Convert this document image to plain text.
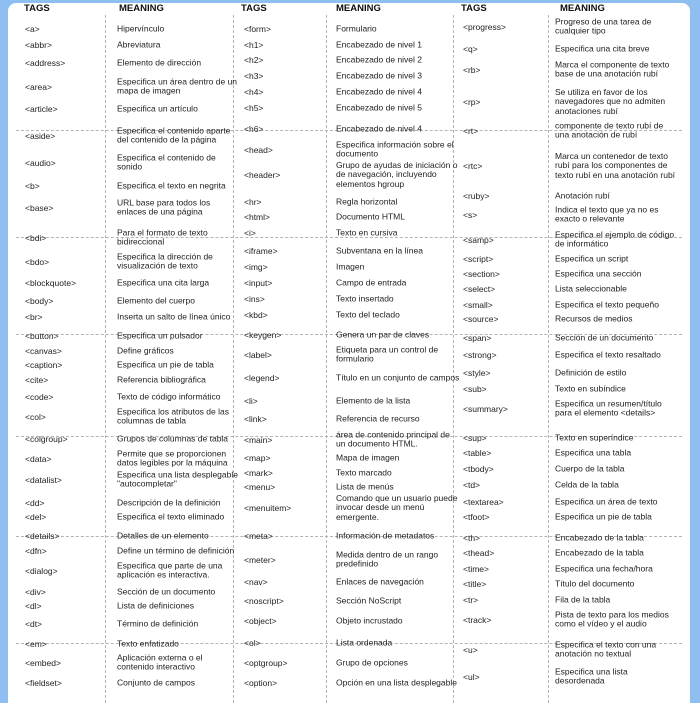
TAGS	MEANING	TAGS	MEANING	TAGS	MEANING
<a>	Hipervínculo
<abbr>	Abreviatura
<address>	Elemento de dirección
<area>
Especifica un área dentro de un mapa de imagen
<article>	Especifica un artículo
<aside>
Especifica el contenido aparte del contenido de la página
<audio>
Especifica el contenido de sonido
<b>	Especifica el texto en negrita
<base>
URL base para todos los enlaces de una página
<bdi>
Para el formato de texto bidireccional
<bdo>
Especifica la dirección de visualización de texto
<blockquote>	Especifica una cita larga
<body>	Elemento del cuerpo
<br>	Inserta un salto de línea único
<button>	Especifica un pulsador
<canvas>	Define gráficos
<caption>	Especifica un pie de tabla
<cite>	Referencia bibliográfica
<code>	Texto de código informático
<col>
Especifica los atributos de las columnas de tabla
<colgroup>	Grupos de columnas de tabla
<data>
Permite que se proporcionen datos legibles por la máquina
<datalist>
Especifica una lista desplegable "autocompletar"
<dd>	Descripción de la definición
<del>	Especifica el texto eliminado
<details>	Detalles de un elemento
<dfn>	Define un término de definición
<dialog>
Especifica que parte de una aplicación es interactiva.
<div>	Sección de un documento
<dl>	Lista de definiciones
<dt>	Término de definición
<em>	Texto enfatizado
<embed>
Aplicación externa o el contenido interactivo
<fieldset>	Conjunto de campos
<form>	Formulario
<h1>	Encabezado de nivel 1
<h2>	Encabezado de nivel 2
<h3>	Encabezado de nivel 3
<h4>	Encabezado de nivel 4
<h5>	Encabezado de nivel 5
<h6>	Encabezado de nivel 4
<head>
Especifica información sobre el documento
<header>
Grupo de ayudas de iniciación o de navegación, incluyendo elementos hgroup
<hr>	Regla horizontal
<html>	Documento HTML
<i>	Texto en cursiva
<iframe>	Subventana en la línea
<img>	Imagen
<input>	Campo de entrada
<ins>	Texto insertado
<kbd>	Texto del teclado
<keygen>	Genera un par de claves
<label>
Etiqueta para un control de formulario
<legend>	Título en un conjunto de campos
<li>	Elemento de la lista
<link>	Referencia de recurso
<main>
área de contenido principal de un documento HTML.
<map>	Mapa de imagen
<mark>	Texto marcado
<menu>	Lista de menús
<menuitem>
Comando que un usuario puede invocar desde un menú emergente.
<meta>	Información de metadatos
<meter>
Medida dentro de un rango predefinido
<nav>	Enlaces de navegación
<noscript>	Sección NoScript
<object>	Objeto incrustado
<ol>	Lista ordenada
<optgroup>	Grupo de opciones
<option>	Opción en una lista desplegable
<progress>
Progreso de una tarea de cualquier tipo
<q>	Especifica una cita breve
<rb>
Marca el componente de texto base de una anotación rubí
<rp>
Se utiliza en favor de los navegadores que no admiten anotaciones rubí
<rt>
componente de texto rubí de una anotación de rubí
<rtc>
Marca un contenedor de texto rubí para los componentes de texto rubí en una anotación rubí
<ruby>	Anotación rubí
<s>
Indica el texto que ya no es exacto o relevante
<samp>
Especifica el ejemplo de código de informático
<script>	Especifica un script
<section>	Especifica una sección
<select>	Lista seleccionable
<small>	Especifica el texto pequeño
<source>	Recursos de medios
<span>	Sección de un documento
<strong>	Especifica el texto resaltado
<style>	Definición de estilo
<sub>	Texto en subíndice
<summary>
Especifica un resumen/título para el elemento <details>
<sup>	Texto en superíndice
<table>	Especifica una tabla
<tbody>	Cuerpo de la tabla
<td>	Celda de la tabla
<textarea>	Especifica un área de texto
<tfoot>	Especifica un pie de tabla
<th>	Encabezado de la tabla
<thead>	Encabezado de la tabla
<time>	Especifica una fecha/hora
<title>	Título del documento
<tr>	Fila de la tabla
<track>
Pista de texto para los medios como el vídeo y el audio
<u>
Especifica el texto con una anotación no textual
<ul>
Especifica una lista desordenada
